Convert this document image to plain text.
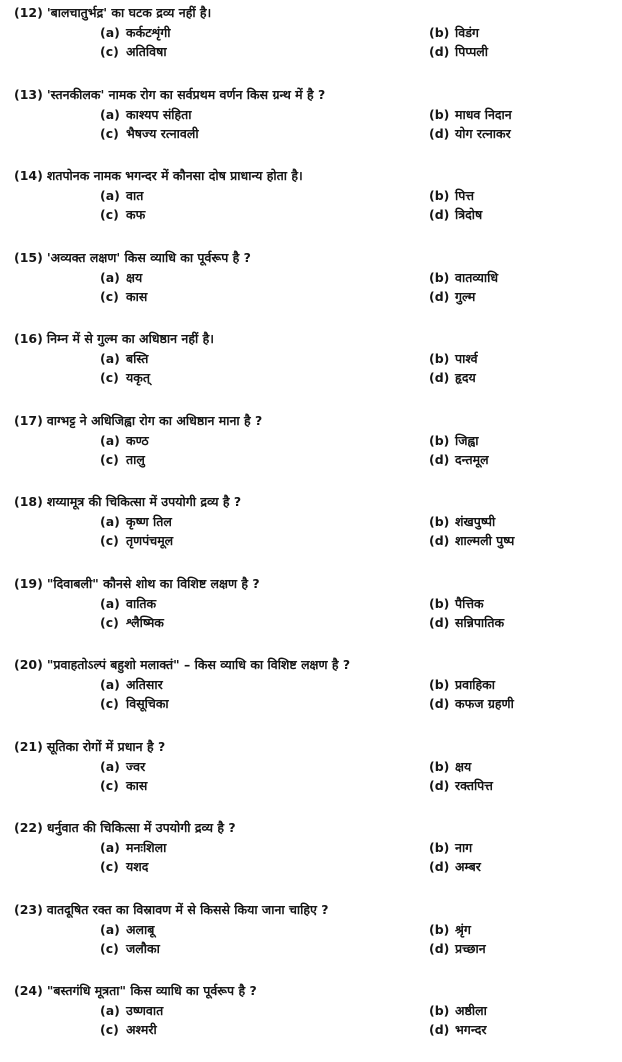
(12) 'बालचातुर्भद्र' का घटक द्रव्य नहीं है।
(a) कर्कटशृंगी	(b) विडंग
(c) अतिविषा	(d) पिप्पली
(13) 'स्तनकीलक' नामक रोग का सर्वप्रथम वर्णन किस ग्रन्थ में है ?
(a) काश्यप संहिता	(b) माधव निदान
(c) भैषज्य रत्नावली	(d) योग रत्नाकर
(14) शतपोनक नामक भगन्दर में कौनसा दोष प्राधान्य होता है।
(a) वात	(b) पित्त
(c) कफ	(d) त्रिदोष
(15) 'अव्यक्त लक्षण' किस व्याधि का पूर्वरूप है ?
(a) क्षय	(b) वातव्याधि
(c) कास	(d) गुल्म
(16) निम्न में से गुल्म का अधिष्ठान नहीं है।
(a) बस्ति	(b) पार्श्व
(c) यकृत्	(d) हृदय
(17) वाग्भट्ट ने अधिजिह्वा रोग का अधिष्ठान माना है ?
(a) कण्ठ	(b) जिह्वा
(c) तालु	(d) दन्तमूल
(18) शय्यामूत्र की चिकित्सा में उपयोगी द्रव्य है ?
(a) कृष्ण तिल	(b) शंखपुष्पी
(c) तृणपंचमूल	(d) शाल्मली पुष्प
(19) "दिवाबली" कौनसे शोथ का विशिष्ट लक्षण है ?
(a) वातिक	(b) पैत्तिक
(c) श्लैष्मिक	(d) सन्निपातिक
(20) "प्रवाहतोऽल्पं बहुशो मलाक्तं" – किस व्याधि का विशिष्ट लक्षण है ?
(a) अतिसार	(b) प्रवाहिका
(c) विसूचिका	(d) कफज ग्रहणी
(21) सूतिका रोगों में प्रधान है ?
(a) ज्वर	(b) क्षय
(c) कास	(d) रक्तपित्त
(22) धर्नुवात की चिकित्सा में उपयोगी द्रव्य है ?
(a) मनःशिला	(b) नाग
(c) यशद	(d) अम्बर
(23) वातदूषित रक्त का विस्रावण में से किससे किया जाना चाहिए ?
(a) अलाबू	(b) श्रृंग
(c) जलौका	(d) प्रच्छान
(24) "बस्तगंधि मूत्रता" किस व्याधि का पूर्वरूप है ?
(a) उष्णवात	(b) अष्ठीला
(c) अश्मरी	(d) भगन्दर
